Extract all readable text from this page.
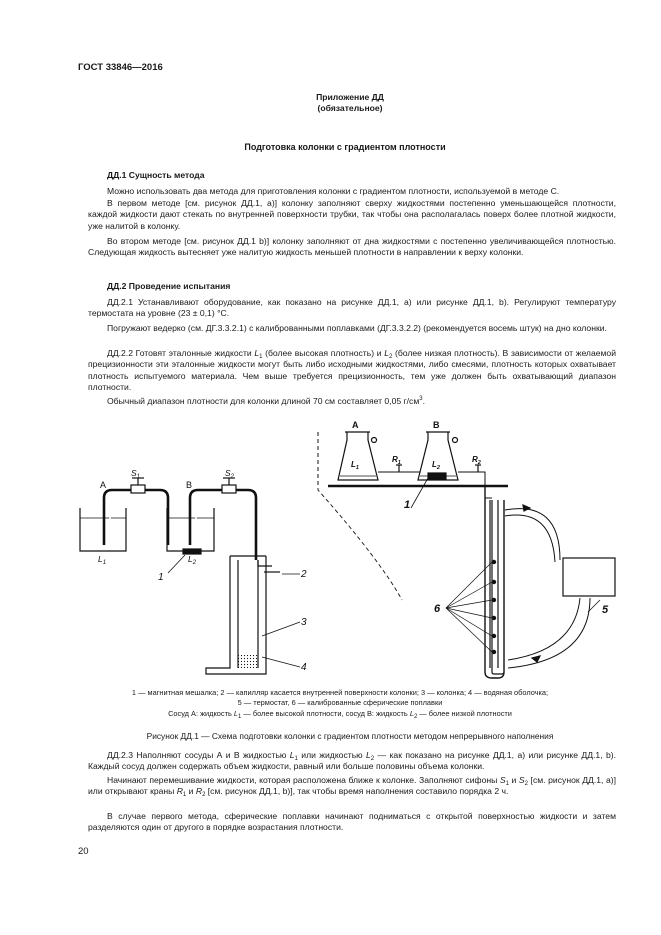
ГОСТ 33846—2016
Приложение ДД
(обязательное)
Подготовка колонки с градиентом плотности
ДД.1 Сущность метода
Можно использовать два метода для приготовления колонки с градиентом плотности, используемой в методе С.
В первом методе [см. рисунок ДД.1, а)] колонку заполняют сверху жидкостями постепенно уменьшающейся плотности, каждой жидкости дают стекать по внутренней поверхности трубки, так чтобы она располагалась поверх более плотной жидкости, уже налитой в колонку.
Во втором методе [см. рисунок ДД.1 b)] колонку заполняют от дна жидкостями с постепенно увеличивающейся плотностью. Следующая жидкость вытесняет уже налитую жидкость меньшей плотности в направлении к верху колонки.
ДД.2 Проведение испытания
ДД.2.1 Устанавливают оборудование, как показано на рисунке ДД.1, а) или рисунке ДД.1, b). Регулируют температуру термостата на уровне (23 ± 0,1) °С.
Погружают ведерко (см. ДГ.3.3.2.1) с калиброванными поплавками (ДГ.3.3.2.2) (рекомендуется восемь штук) на дно колонки.
ДД.2.2 Готовят эталонные жидкости $L_1$ (более высокая плотность) и $L_2$ (более низкая плотность). В зависимости от желаемой прецизионности эти эталонные жидкости могут быть либо исходными жидкостями, либо смесями, плотность которых охватывает плотность испытуемого материала. Чем выше требуется прецизионность, тем уже должен быть охватывающий диапазон плотности.
Обычный диапазон плотности для колонки длиной 70 см составляет 0,05 $г/см^3$.
A	B
$S_1$	$S_2$
$L_1$	$L_2$
1	2
3
4
A	B
$L_1$	$L_2$
$R_1$	$R_2$
1
6	5
1 — магнитная мешалка; 2 — капилляр касается внутренней поверхности колонки; 3 — колонка; 4 — водяная оболочка;
5 — термостат, 6 — калиброванные сферические поплавки
Сосуд А: жидкость $L_1$ — более высокой плотности, сосуд В: жидкость $L_2$ — более низкой плотности
Рисунок ДД.1 — Схема подготовки колонки с градиентом плотности методом непрерывного наполнения
ДД.2.3 Наполняют сосуды А и В жидкостью $L_1$ или жидкостью $L_2$ — как показано на рисунке ДД.1, а) или рисунке ДД.1, b). Каждый сосуд должен содержать объем жидкости, равный или больше половины объема колонки.
Начинают перемешивание жидкости, которая расположена ближе к колонке. Заполняют сифоны $S_1$ и $S_2$ [см. рисунок ДД.1, а)] или открывают краны $R_1$ и $R_2$ [см. рисунок ДД.1, b)], так чтобы время наполнения составило порядка 2 ч.
В случае первого метода, сферические поплавки начинают подниматься с открытой поверхностью жидкости и затем разделяются один от другого в порядке возрастания плотности.
20
